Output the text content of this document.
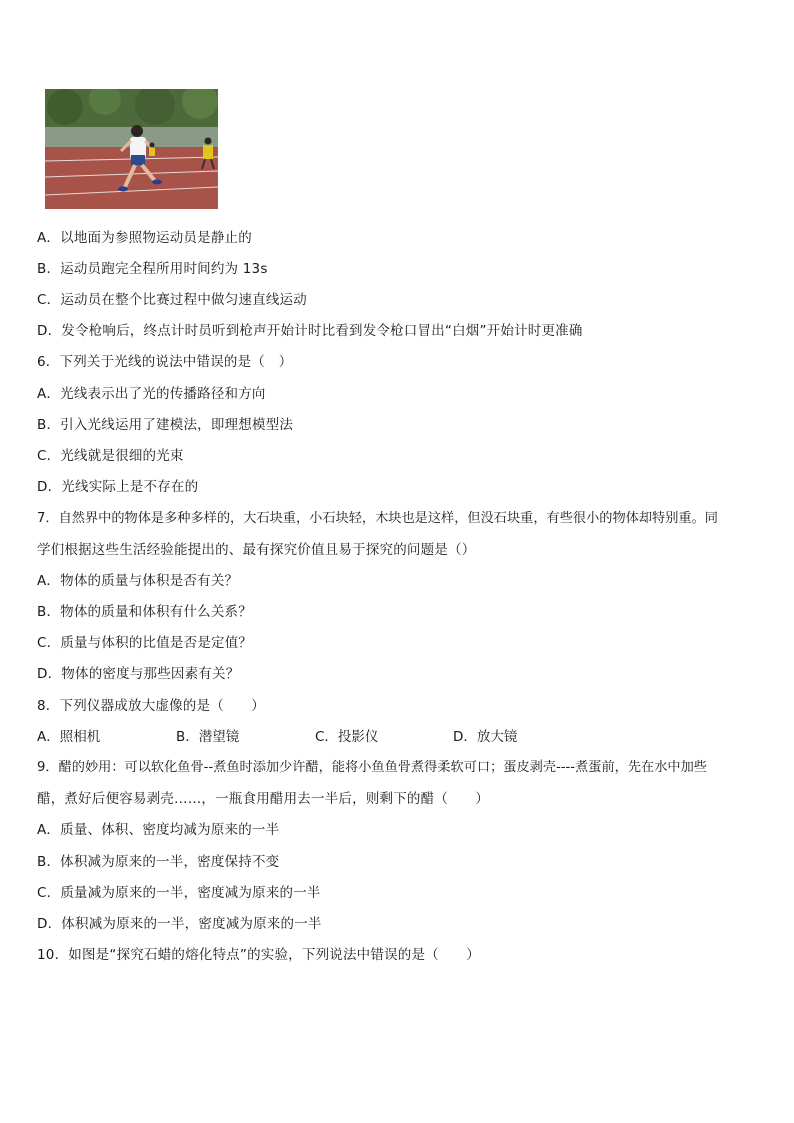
A．以地面为参照物运动员是静止的
B．运动员跑完全程所用时间约为 13s
C．运动员在整个比赛过程中做匀速直线运动
D．发令枪响后，终点计时员听到枪声开始计时比看到发令枪口冒出“白烟”开始计时更准确
6．下列关于光线的说法中错误的是（　）
A．光线表示出了光的传播路径和方向
B．引入光线运用了建模法，即理想模型法
C．光线就是很细的光束
D．光线实际上是不存在的
7．自然界中的物体是多种多样的，大石块重，小石块轻，木块也是这样，但没石块重，有些很小的物体却特别重。同
学们根据这些生活经验能提出的、最有探究价值且易于探究的问题是（）
A．物体的质量与体积是否有关？
B．物体的质量和体积有什么关系？
C．质量与体积的比值是否是定值？
D．物体的密度与那些因素有关？
8．下列仪器成放大虚像的是（　　）
A．照相机	B．潜望镜	C．投影仪	D．放大镜
9．醋的妙用：可以软化鱼骨--煮鱼时添加少许醋，能将小鱼鱼骨煮得柔软可口；蛋皮剥壳----煮蛋前，先在水中加些
醋，煮好后便容易剥壳……，一瓶食用醋用去一半后，则剩下的醋（　　）
A．质量、体积、密度均减为原来的一半
B．体积减为原来的一半，密度保持不变
C．质量减为原来的一半，密度减为原来的一半
D．体积减为原来的一半，密度减为原来的一半
10．如图是“探究石蜡的熔化特点”的实验，下列说法中错误的是（　　）
